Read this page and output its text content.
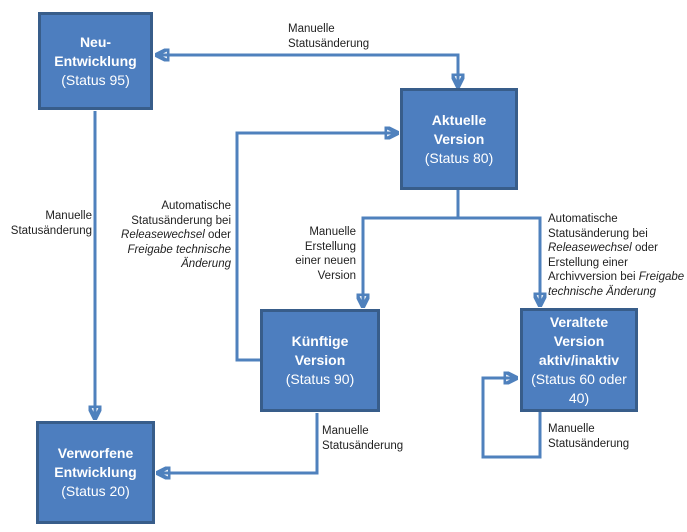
Neu-
Entwicklung
(Status 95)
Aktuelle
Version
(Status 80)
Künftige
Version
(Status 90)
Veraltete
Version
aktiv/inaktiv
(Status 60 oder 40)
Verworfene
Entwicklung
(Status 20)
Manuelle
Statusänderung
Manuelle
Statusänderung
Automatische
Statusänderung bei
Releasewechsel oder
Freigabe technische
Änderung
Manuelle
Erstellung
einer neuen
Version
Automatische
Statusänderung bei
Releasewechsel oder
Erstellung einer
Archivversion bei Freigabe
technische Änderung
Manuelle
Statusänderung
Manuelle
Statusänderung
